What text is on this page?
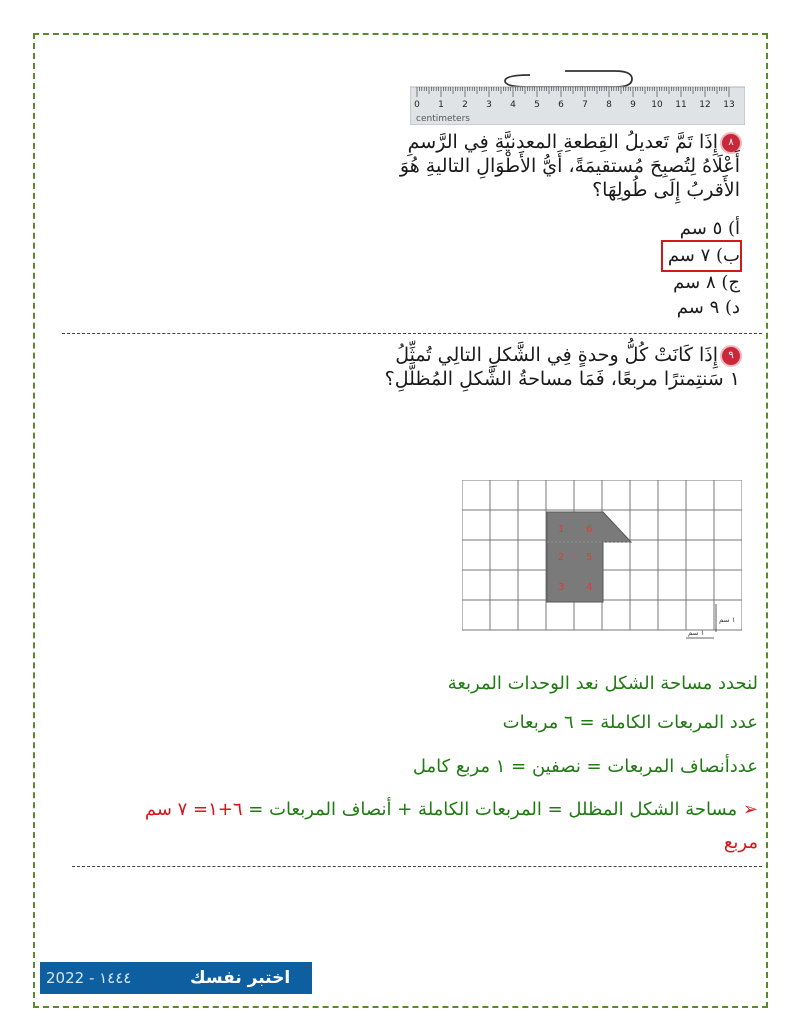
0 1 2 3 4 5 6 7 8 9 10 11 12 13
centimeters
٨إِذَا تَمَّ تَعديلُ القِطعةِ المعدنيَّةِ فِي الرَّسمِ
أَعْلَاهُ لِتُصبِحَ مُستقيمَةً، أَيُّ الأَطْوَالِ التاليةِ هُوَ
الأَقربُ إِلَى طُولِهَا؟
أ) ٥ سم
ب) ٧ سم
ج) ٨ سم
د) ٩ سم
٩إِذَا كَانَتْ كُلُّ وحدةٍ فِي الشَّكلِ التالِي تُمثِّلُ
١ سَنتِمترًا مربعًا، فَمَا مساحةُ الشَّكلِ المُظلَّلِ؟
1
2
3 4
5
6
١ سم
١ سم
لنحدد مساحة الشكل نعد الوحدات المربعة
عدد المربعات الكاملة = ٦ مربعات
عددأنصاف المربعات = نصفين = ١ مربع كامل
➢ مساحة الشكل المظلل = المربعات الكاملة + أنصاف المربعات = ٦+١= ٧ سم
مربع
2022 - ١٤٤٤	اختبر نفسك
